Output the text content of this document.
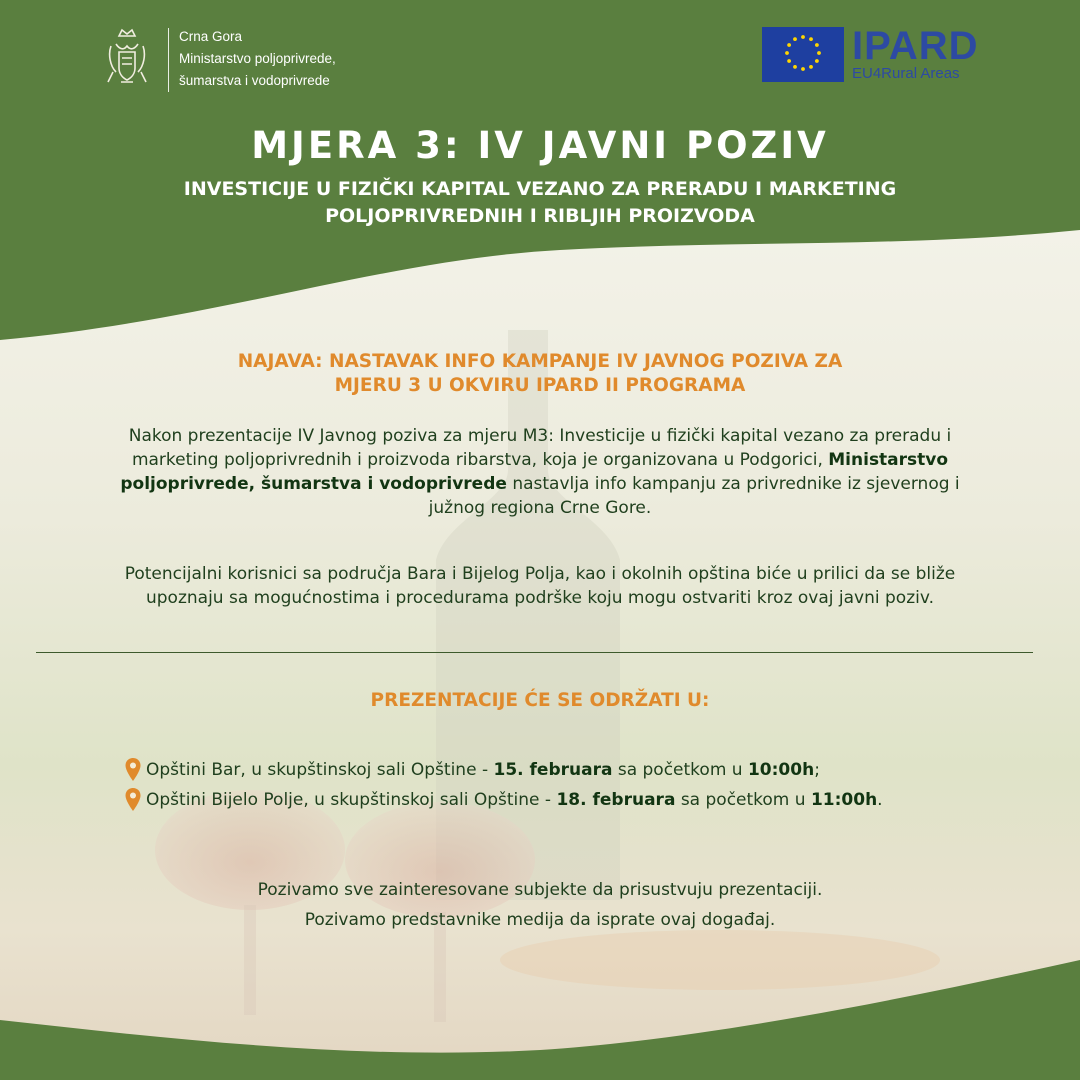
Crna Gora
Ministarstvo poljoprivrede,
šumarstva i vodoprivrede
IPARD
EU4Rural Areas
MJERA 3: IV JAVNI POZIV
INVESTICIJE U FIZIČKI KAPITAL VEZANO ZA PRERADU I MARKETING
POLJOPRIVREDNIH I RIBLJIH PROIZVODA
NAJAVA: NASTAVAK INFO KAMPANJE IV JAVNOG POZIVA ZA
MJERU 3 U OKVIRU IPARD II PROGRAMA
Nakon prezentacije IV Javnog poziva za mjeru M3: Investicije u fizički kapital vezano za preradu i marketing poljoprivrednih i proizvoda ribarstva, koja je organizovana u Podgorici, Ministarstvo poljoprivrede, šumarstva i vodoprivrede nastavlja info kampanju za privrednike iz sjevernog i južnog regiona Crne Gore.
Potencijalni korisnici sa područja Bara i Bijelog Polja, kao i okolnih opština biće u prilici da se bliže upoznaju sa mogućnostima i procedurama podrške koju mogu ostvariti kroz ovaj javni poziv.
PREZENTACIJE ĆE SE ODRŽATI U:
Opštini Bar, u skupštinskoj sali Opštine - 15. februara sa početkom u 10:00h;
Opštini Bijelo Polje, u skupštinskoj sali Opštine - 18. februara sa početkom u 11:00h.
Pozivamo sve zainteresovane subjekte da prisustvuju prezentaciji.
Pozivamo predstavnike medija da isprate ovaj događaj.
